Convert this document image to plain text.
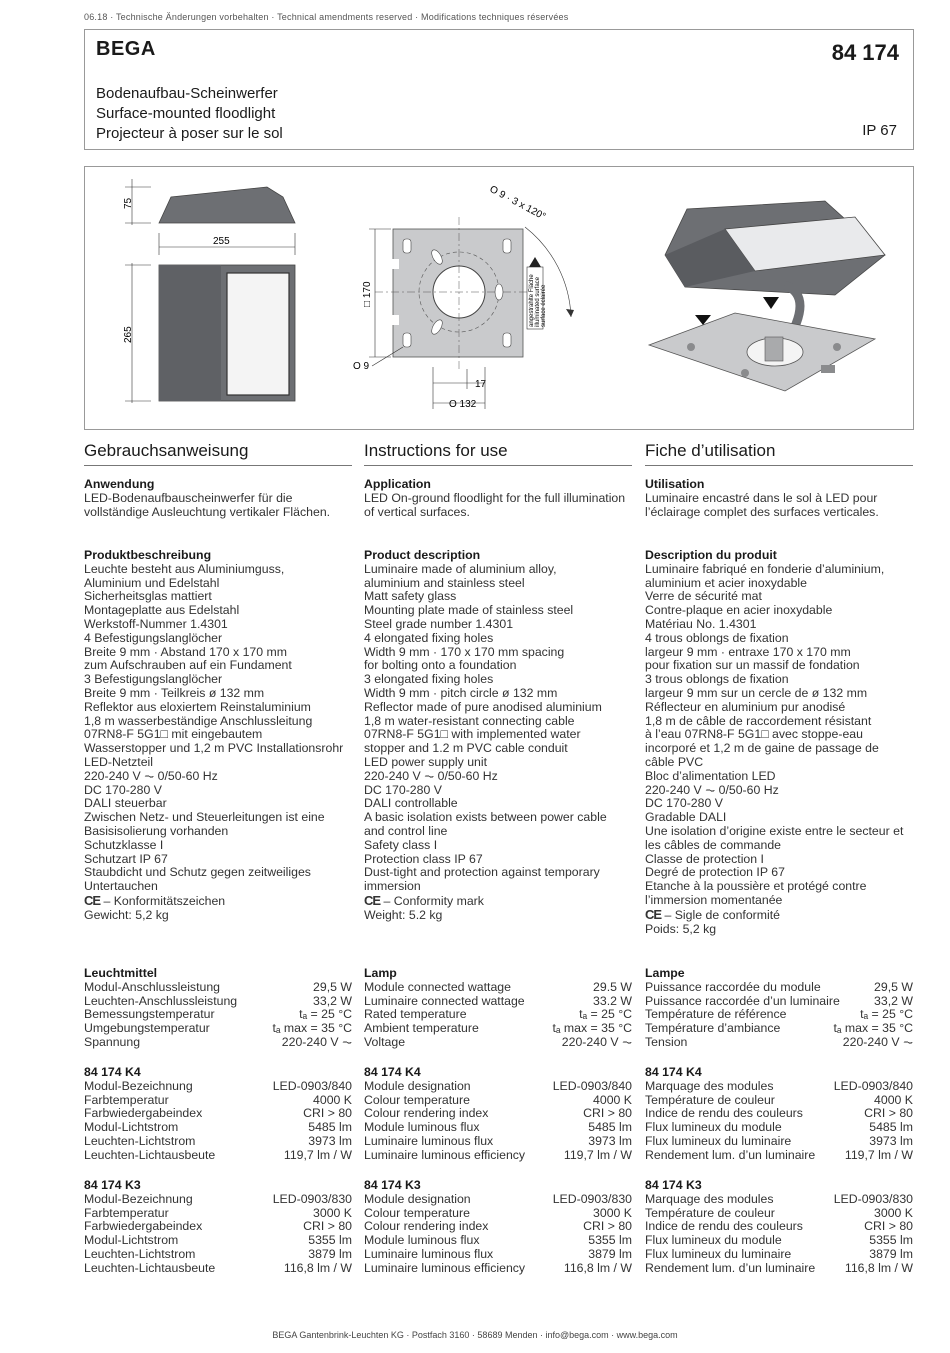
06.18 · Technische Änderungen vorbehalten · Technical amendments reserved · Modifications techniques réservées
BEGA	84 174
Bodenaufbau-Scheinwerfer
Surface-mounted floodlight
Projecteur à poser sur le sol	IP 67
75
255
265
O 9 · 3 x 120°
□ 170
O 9
17
O 132
angestrahlte Fläche illuminated surface surface éclairée
Gebrauchsanweisung
Anwendung
LED-Bodenaufbauscheinwerfer für die
vollständige Ausleuchtung vertikaler Flächen.
Produktbeschreibung
Leuchte besteht aus Aluminiumguss,
Aluminium und Edelstahl
Sicherheitsglas mattiert
Montageplatte aus Edelstahl
Werkstoff-Nummer 1.4301
4 Befestigungslanglöcher
Breite 9 mm · Abstand 170 x 170 mm
zum Aufschrauben auf ein Fundament
3 Befestigungslanglöcher
Breite 9 mm · Teilkreis ø 132 mm
Reflektor aus eloxiertem Reinstaluminium
1,8 m wasserbeständige Anschlussleitung
07RN8-F 5G1□ mit eingebautem
Wasserstopper und 1,2 m PVC Installationsrohr
LED-Netzteil
220-240 V ⏦ 0/50-60 Hz
DC 170-280 V
DALI steuerbar
Zwischen Netz- und Steuerleitungen ist eine
Basisisolierung vorhanden
Schutzklasse I
Schutzart IP 67
Staubdicht und Schutz gegen zeitweiliges
Untertauchen
CE – Konformitätszeichen
Gewicht: 5,2 kg
Leuchtmittel
Modul-Anschlussleistung	29,5 W
Leuchten-Anschlussleistung	33,2 W
Bemessungstemperatur	tₐ = 25 °C
Umgebungstemperatur	tₐ max = 35 °C
Spannung	220-240 V ⏦
84 174 K4
Modul-Bezeichnung	LED-0903/840
Farbtemperatur	4000 K
Farbwiedergabeindex	CRI > 80
Modul-Lichtstrom	5485 lm
Leuchten-Lichtstrom	3973 lm
Leuchten-Lichtausbeute	119,7 lm / W
84 174 K3
Modul-Bezeichnung	LED-0903/830
Farbtemperatur	3000 K
Farbwiedergabeindex	CRI > 80
Modul-Lichtstrom	5355 lm
Leuchten-Lichtstrom	3879 lm
Leuchten-Lichtausbeute	116,8 lm / W
Instructions for use
Application
LED On-ground floodlight for the full illumination
of vertical surfaces.
Product description
Luminaire made of aluminium alloy,
aluminium and stainless steel
Matt safety glass
Mounting plate made of stainless steel
Steel grade number 1.4301
4 elongated fixing holes
Width 9 mm · 170 x 170 mm spacing
for bolting onto a foundation
3 elongated fixing holes
Width 9 mm · pitch circle ø 132 mm
Reflector made of pure anodised aluminium
1,8 m water-resistant connecting cable
07RN8-F 5G1□ with implemented water
stopper and 1.2 m PVC cable conduit
LED power supply unit
220-240 V ⏦ 0/50-60 Hz
DC 170-280 V
DALI controllable
A basic isolation exists between power cable
and control line
Safety class I
Protection class IP 67
Dust-tight and protection against temporary
immersion
CE – Conformity mark
Weight: 5.2 kg
Lamp
Module connected wattage	29.5 W
Luminaire connected wattage	33.2 W
Rated temperature	tₐ = 25 °C
Ambient temperature	tₐ max = 35 °C
Voltage	220-240 V ⏦
84 174 K4
Module designation	LED-0903/840
Colour temperature	4000 K
Colour rendering index	CRI > 80
Module luminous flux	5485 lm
Luminaire luminous flux	3973 lm
Luminaire luminous efficiency	119,7 lm / W
84 174 K3
Module designation	LED-0903/830
Colour temperature	3000 K
Colour rendering index	CRI > 80
Module luminous flux	5355 lm
Luminaire luminous flux	3879 lm
Luminaire luminous efficiency	116,8 lm / W
Fiche d’utilisation
Utilisation
Luminaire encastré dans le sol à LED pour
l’éclairage complet des surfaces verticales.
Description du produit
Luminaire fabriqué en fonderie d’aluminium,
aluminium et acier inoxydable
Verre de sécurité mat
Contre-plaque en acier inoxydable
Matériau No. 1.4301
4 trous oblongs de fixation
largeur 9 mm · entraxe 170 x 170 mm
pour fixation sur un massif de fondation
3 trous oblongs de fixation
largeur 9 mm sur un cercle de ø 132 mm
Réflecteur en aluminium pur anodisé
1,8 m de câble de raccordement résistant
à l’eau 07RN8-F 5G1□ avec stoppe-eau
incorporé et 1,2 m de gaine de passage de
câble PVC
Bloc d’alimentation LED
220-240 V ⏦ 0/50-60 Hz
DC 170-280 V
Gradable DALI
Une isolation d’origine existe entre le secteur et
les câbles de commande
Classe de protection I
Degré de protection IP 67
Etanche à la poussière et protégé contre
l’immersion momentanée
CE – Sigle de conformité
Poids: 5,2 kg
Lampe
Puissance raccordée du module	29,5 W
Puissance raccordée d’un luminaire	33,2 W
Température de référence	tₐ = 25 °C
Température d’ambiance	tₐ max = 35 °C
Tension	220-240 V ⏦
84 174 K4
Marquage des modules	LED-0903/840
Température de couleur	4000 K
Indice de rendu des couleurs	CRI > 80
Flux lumineux du module	5485 lm
Flux lumineux du luminaire	3973 lm
Rendement lum. d’un luminaire 119,7 lm / W
84 174 K3
Marquage des modules	LED-0903/830
Température de couleur	3000 K
Indice de rendu des couleurs	CRI > 80
Flux lumineux du module	5355 lm
Flux lumineux du luminaire	3879 lm
Rendement lum. d’un luminaire 116,8 lm / W
BEGA Gantenbrink-Leuchten KG · Postfach 3160 · 58689 Menden · info@bega.com · www.bega.com
